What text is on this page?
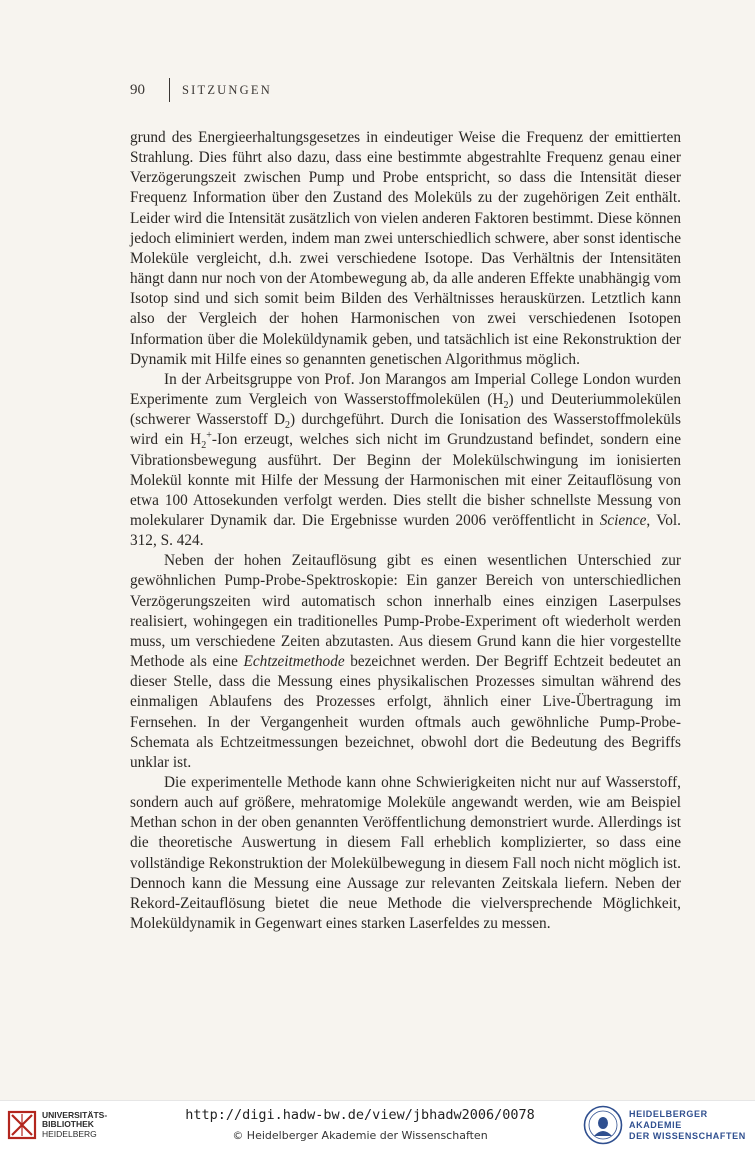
90	SITZUNGEN

grund des Energieerhaltungsgesetzes in eindeutiger Weise die Frequenz der emittierten Strahlung. Dies führt also dazu, dass eine bestimmte abgestrahlte Frequenz genau einer Verzögerungszeit zwischen Pump und Probe entspricht, so dass die Intensität dieser Frequenz Information über den Zustand des Moleküls zu der zugehörigen Zeit enthält. Leider wird die Intensität zusätzlich von vielen anderen Faktoren bestimmt. Diese können jedoch eliminiert werden, indem man zwei unterschiedlich schwere, aber sonst identische Moleküle vergleicht, d.h. zwei verschiedene Isotope. Das Verhältnis der Intensitäten hängt dann nur noch von der Atombewegung ab, da alle anderen Effekte unabhängig vom Isotop sind und sich somit beim Bilden des Verhältnisses herauskürzen. Letztlich kann also der Vergleich der hohen Harmonischen von zwei verschiedenen Isotopen Information über die Moleküldynamik geben, und tatsächlich ist eine Rekonstruktion der Dynamik mit Hilfe eines so genannten genetischen Algorithmus möglich.

In der Arbeitsgruppe von Prof. Jon Marangos am Imperial College London wurden Experimente zum Vergleich von Wasserstoffmolekülen $(H_2)$ und Deuteriummolekülen (schwerer Wasserstoff $D_2$) durchgeführt. Durch die Ionisation des Wasserstoffmoleküls wird ein $H_2^+$-Ion erzeugt, welches sich nicht im Grundzustand befindet, sondern eine Vibrationsbewegung ausführt. Der Beginn der Molekülschwingung im ionisierten Molekül konnte mit Hilfe der Messung der Harmonischen mit einer Zeitauflösung von etwa 100 Attosekunden verfolgt werden. Dies stellt die bisher schnellste Messung von molekularer Dynamik dar. Die Ergebnisse wurden 2006 veröffentlicht in Science, Vol. 312, S. 424.

Neben der hohen Zeitauflösung gibt es einen wesentlichen Unterschied zur gewöhnlichen Pump-Probe-Spektroskopie: Ein ganzer Bereich von unterschiedlichen Verzögerungszeiten wird automatisch schon innerhalb eines einzigen Laserpulses realisiert, wohingegen ein traditionelles Pump-Probe-Experiment oft wiederholt werden muss, um verschiedene Zeiten abzutasten. Aus diesem Grund kann die hier vorgestellte Methode als eine Echtzeitmethode bezeichnet werden. Der Begriff Echtzeit bedeutet an dieser Stelle, dass die Messung eines physikalischen Prozesses simultan während des einmaligen Ablaufens des Prozesses erfolgt, ähnlich einer Live-Übertragung im Fernsehen. In der Vergangenheit wurden oftmals auch gewöhnliche Pump-Probe-Schemata als Echtzeitmessungen bezeichnet, obwohl dort die Bedeutung des Begriffs unklar ist.

Die experimentelle Methode kann ohne Schwierigkeiten nicht nur auf Wasserstoff, sondern auch auf größere, mehratomige Moleküle angewandt werden, wie am Beispiel Methan schon in der oben genannten Veröffentlichung demonstriert wurde. Allerdings ist die theoretische Auswertung in diesem Fall erheblich komplizierter, so dass eine vollständige Rekonstruktion der Molekülbewegung in diesem Fall noch nicht möglich ist. Dennoch kann die Messung eine Aussage zur relevanten Zeitskala liefern. Neben der Rekord-Zeitauflösung bietet die neue Methode die vielversprechende Möglichkeit, Moleküldynamik in Gegenwart eines starken Laserfeldes zu messen.

UNIVERSITÄTS-
BIBLIOTHEK
HEIDELBERG
http://digi.hadw-bw.de/view/jbhadw2006/0078
© Heidelberger Akademie der Wissenschaften
HEIDELBERGER AKADEMIE
DER WISSENSCHAFTEN
